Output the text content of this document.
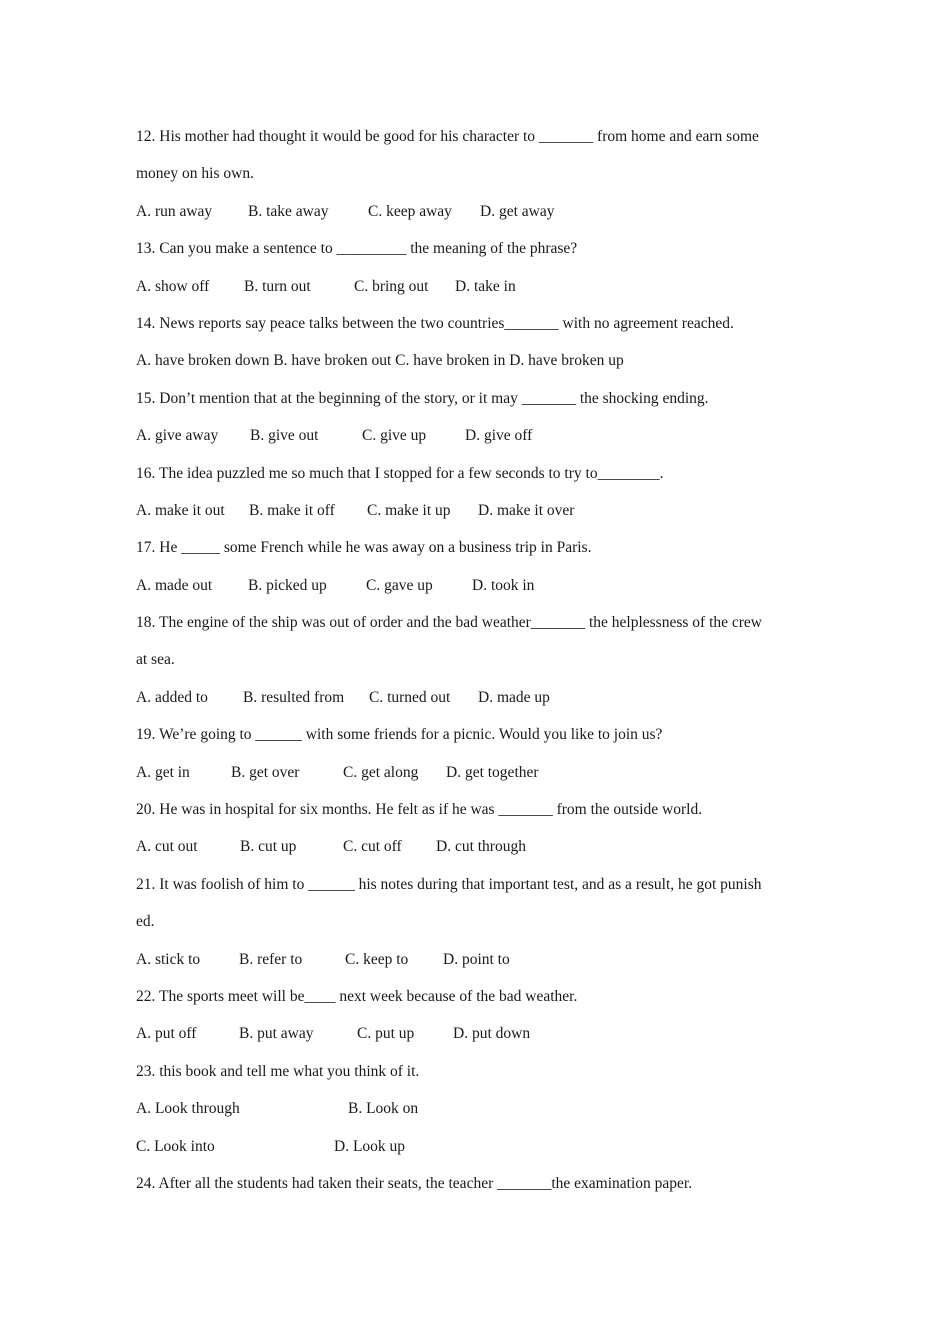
12. His mother had thought it would be good for his character to _______ from home and earn some
money on his own.
A. run away	B. take away	C. keep away	D. get away
13. Can you make a sentence to _________ the meaning of the phrase?
A. show off	B. turn out	C. bring out	D. take in
14. News reports say peace talks between the two countries_______ with no agreement reached.
A. have broken down B. have broken out C. have broken in D. have broken up
15. Don’t mention that at the beginning of the story, or it may _______ the shocking ending.
A. give away	B. give out	C. give up	D. give off
16. The idea puzzled me so much that I stopped for a few seconds to try to________.
A. make it out	B. make it off	C. make it up	D. make it over
17. He _____ some French while he was away on a business trip in Paris.
A. made out	B. picked up	C. gave up	D. took in
18. The engine of the ship was out of order and the bad weather_______ the helplessness of the crew
at sea.
A. added to	B. resulted from	C. turned out	D. made up
19. We’re going to ______ with some friends for a picnic. Would you like to join us?
A. get in	B. get over	C. get along	D. get together
20. He was in hospital for six months. He felt as if he was _______ from the outside world.
A. cut out	B. cut up	C. cut off	D. cut through
21. It was foolish of him to ______ his notes during that important test, and as a result, he got punish
ed.
A. stick to	B. refer to	C. keep to	D. point to
22. The sports meet will be____ next week because of the bad weather.
A. put off	B. put away	C. put up	D. put down
23. this book and tell me what you think of it.
A. Look through	B. Look on
C. Look into	D. Look up
24. After all the students had taken their seats, the teacher _______the examination paper.
